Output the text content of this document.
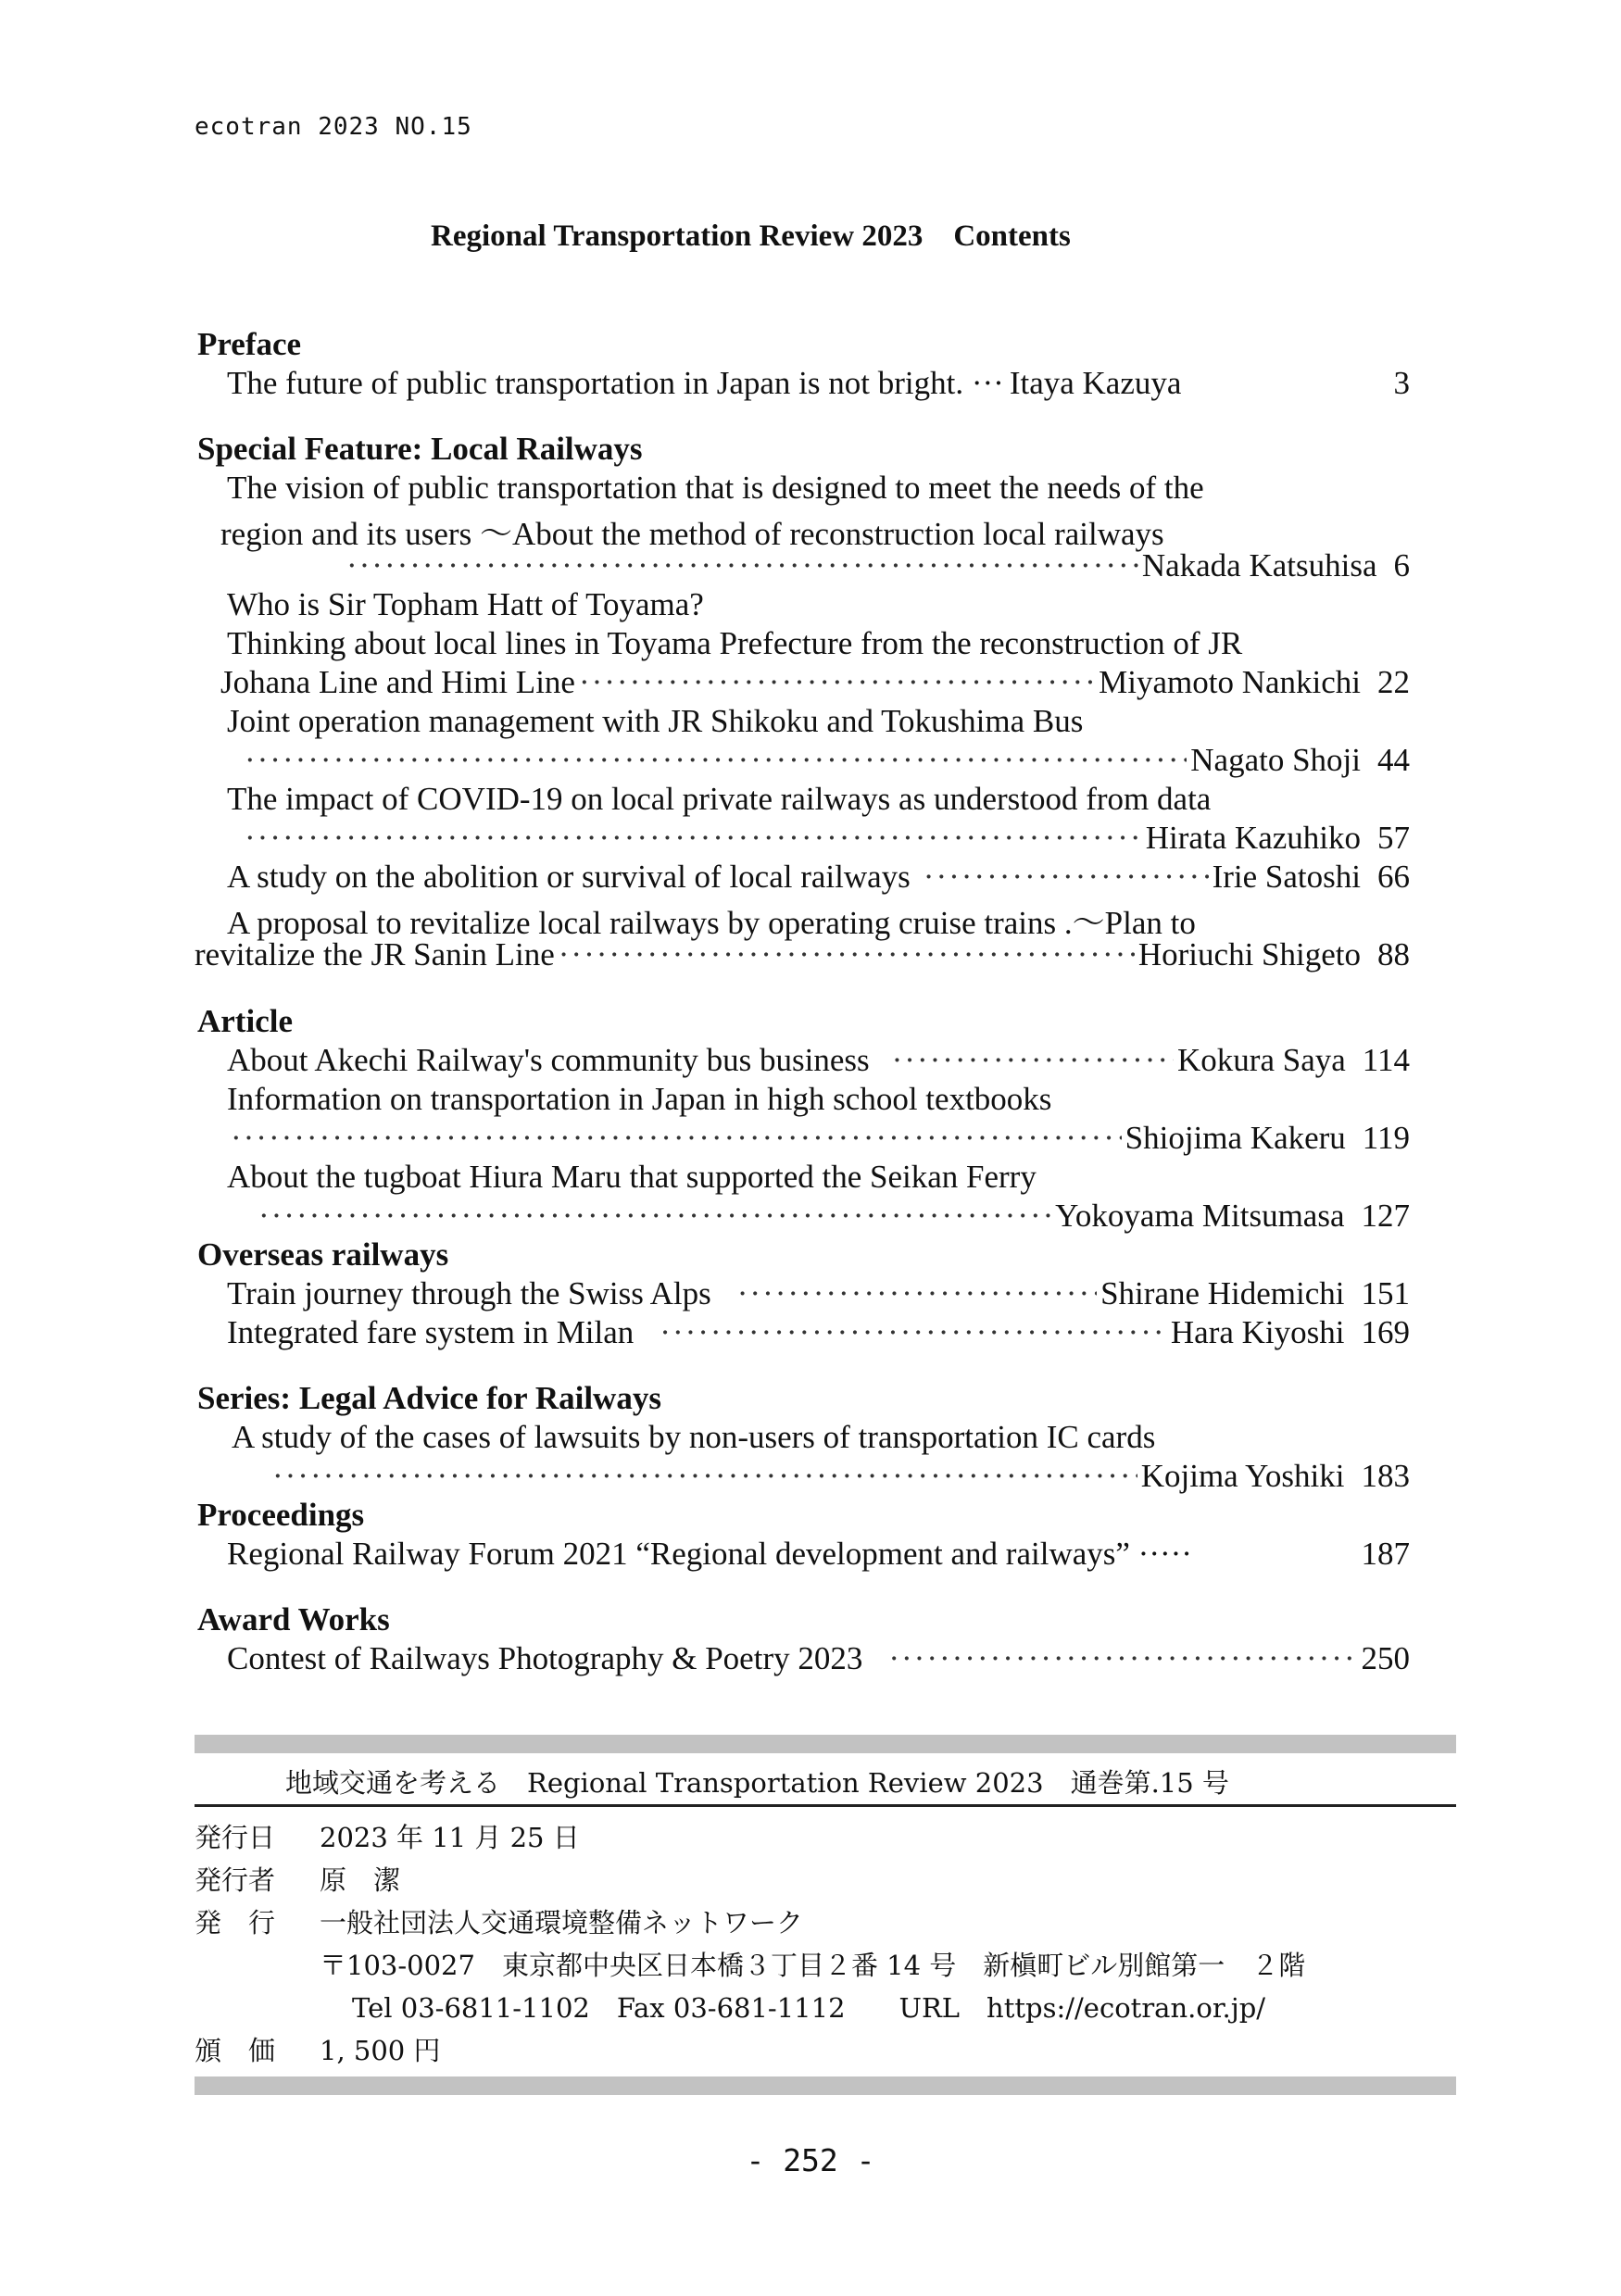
ecotran 2023 NO.15
Regional Transportation Review 2023　Contents
Preface
The future of public transportation in Japan is not bright. ··· Itaya Kazuya	3
Special Feature: Local Railways
The vision of public transportation that is designed to meet the needs of the
region and its users ～About the method of reconstruction local railways
·····
Nakada Katsuhisa 6
Who is Sir Topham Hatt of Toyama?
Thinking about local lines in Toyama Prefecture from the reconstruction of JR
Johana Line and Himi Line ·····	Miyamoto Nankichi 22
Joint operation management with JR Shikoku and Tokushima Bus
·····
Nagato Shoji 44
The impact of COVID-19 on local private railways as understood from data
·····
Hirata Kazuhiko 57
A study on the abolition or survival of local railways ·····	Irie Satoshi 66
A proposal to revitalize local railways by operating cruise trains .～Plan to
revitalize the JR Sanin Line ·····	Horiuchi Shigeto 88
Article
About Akechi Railway's community bus business ·····	Kokura Saya 114
Information on transportation in Japan in high school textbooks
·····
Shiojima Kakeru 119
About the tugboat Hiura Maru that supported the Seikan Ferry
·····
Yokoyama Mitsumasa 127
Overseas railways
Train journey through the Swiss Alps ·····	Shirane Hidemichi 151
Integrated fare system in Milan ·····	Hara Kiyoshi 169
Series: Legal Advice for Railways
A study of the cases of lawsuits by non-users of transportation IC cards
·····
Kojima Yoshiki 183
Proceedings
Regional Railway Forum 2021 “Regional development and railways” ·····	187
Award Works
Contest of Railways Photography & Poetry 2023 ·····	250
地域交通を考える　Regional Transportation Review 2023　通巻第.15 号
発行日 2023 年 11 月 25 日
発行者 原　潔
発　行 一般社団法人交通環境整備ネットワーク
〒103-0027　東京都中央区日本橋３丁目２番 14 号　新槇町ビル別館第一　２階
Tel 03-6811-1102　Fax 03-681-1112　　URL　https://ecotran.or.jp/
頒　価 1, 500 円
- 252 -
